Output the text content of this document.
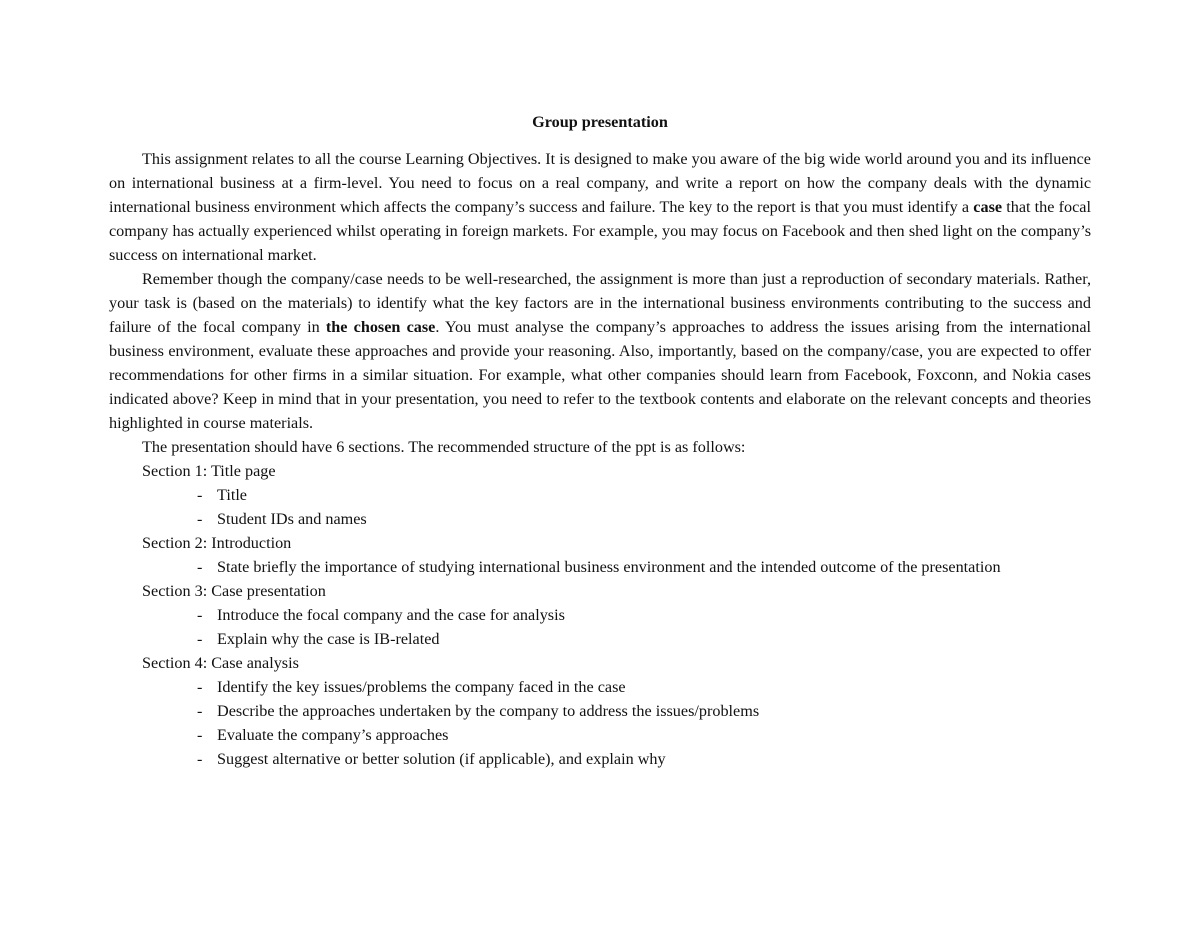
Group presentation

This assignment relates to all the course Learning Objectives. It is designed to make you aware of the big wide world around you and its influence on international business at a firm-level. You need to focus on a real company, and write a report on how the company deals with the dynamic international business environment which affects the company’s success and failure. The key to the report is that you must identify a case that the focal company has actually experienced whilst operating in foreign markets. For example, you may focus on Facebook and then shed light on the company’s success on international market.

Remember though the company/case needs to be well-researched, the assignment is more than just a reproduction of secondary materials. Rather, your task is (based on the materials) to identify what the key factors are in the international business environments contributing to the success and failure of the focal company in the chosen case. You must analyse the company’s approaches to address the issues arising from the international business environment, evaluate these approaches and provide your reasoning. Also, importantly, based on the company/case, you are expected to offer recommendations for other firms in a similar situation. For example, what other companies should learn from Facebook, Foxconn, and Nokia cases indicated above? Keep in mind that in your presentation, you need to refer to the textbook contents and elaborate on the relevant concepts and theories highlighted in course materials.

The presentation should have 6 sections. The recommended structure of the ppt is as follows:

Section 1: Title page

- Title
- Student IDs and names

Section 2: Introduction

- State briefly the importance of studying international business environment and the intended outcome of the presentation

Section 3: Case presentation

- Introduce the focal company and the case for analysis
- Explain why the case is IB-related

Section 4: Case analysis

- Identify the key issues/problems the company faced in the case
- Describe the approaches undertaken by the company to address the issues/problems
- Evaluate the company’s approaches
- Suggest alternative or better solution (if applicable), and explain why
